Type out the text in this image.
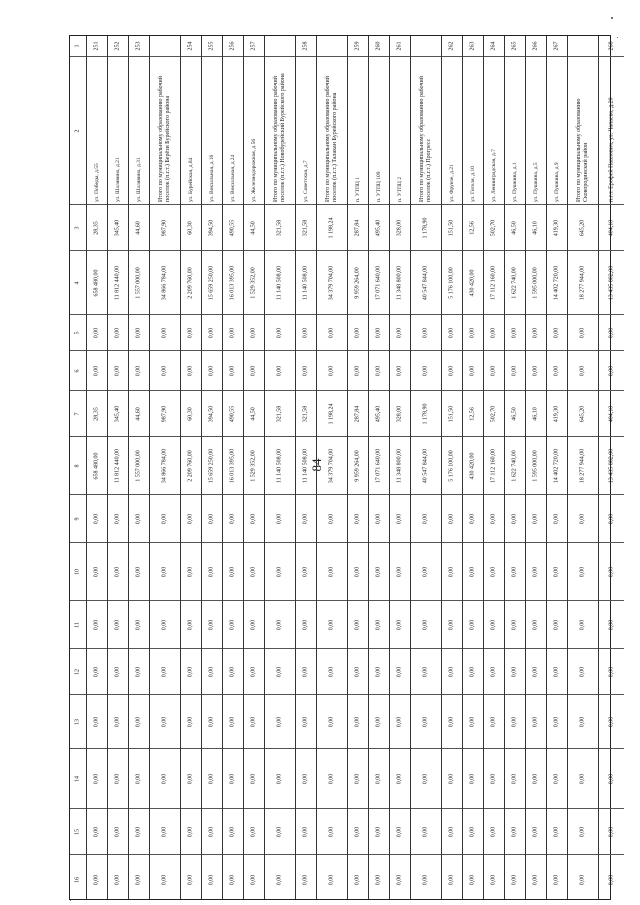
84
1
2
3
4
5
6
7
8
9
10
11
12
13
14
15
16
251
ул. Победы, д.55
28,35
658 480,00
0,00
0,00
28,35
658 480,00
0,00
0,00
0,00
0,00
0,00
0,00
0,00
0,00
252
ул. Шалявина, д.21
345,40
11 812 440,00
0,00
0,00
345,40
11 812 440,00
0,00
0,00
0,00
0,00
0,00
0,00
0,00
0,00
253
ул. Шалявина, д.31
44,60
1 557 000,00
0,00
0,00
44,60
1 557 000,00
0,00
0,00
0,00
0,00
0,00
0,00
0,00
0,00
Итого по муниципальному образованию рабочий поселок (п.г.т.) Берёзи Бурейского района
987,90
34 866 784,00
0,00
0,00
987,90
34 866 784,00
0,00
0,00
0,00
0,00
0,00
0,00
0,00
0,00
254
ул. Бурейская, д.84
60,30
2 209 760,00
0,00
0,00
60,30
2 209 760,00
0,00
0,00
0,00
0,00
0,00
0,00
0,00
0,00
255
ул. Вокзальная, д.16
394,50
15 659 250,00
0,00
0,00
394,50
15 659 250,00
0,00
0,00
0,00
0,00
0,00
0,00
0,00
0,00
256
ул. Вокзальная, д.24
490,55
16 013 395,00
0,00
0,00
490,55
16 013 395,00
0,00
0,00
0,00
0,00
0,00
0,00
0,00
0,00
257
ул. Железнодорожная, д.56
44,50
1 529 352,00
0,00
0,00
44,50
1 529 352,00
0,00
0,00
0,00
0,00
0,00
0,00
0,00
0,00
Итого по муниципальному образованию рабочий поселок (п.г.т.) Новобурейский Бурейского района
321,58
11 140 508,00
0,00
0,00
321,58
11 140 508,00
0,00
0,00
0,00
0,00
0,00
0,00
0,00
0,00
258
ул. Советская, д.7
321,58
11 140 508,00
0,00
0,00
321,58
11 140 508,00
0,00
0,00
0,00
0,00
0,00
0,00
0,00
0,00
Итого по муниципальному образованию рабочий поселок (п.г.т.) Талакан Бурейского района
1 198,24
34 379 704,00
0,00
0,00
1 198,24
34 379 704,00
0,00
0,00
0,00
0,00
0,00
0,00
0,00
0,00
259
п. УТПЦ 1
287,84
9 959 264,00
0,00
0,00
287,84
9 959 264,00
0,00
0,00
0,00
0,00
0,00
0,00
0,00
0,00
260
п. УТПЦ 109
495,40
17 071 640,00
0,00
0,00
495,40
17 071 640,00
0,00
0,00
0,00
0,00
0,00
0,00
0,00
0,00
261
п. УТПЦ 2
328,00
11 348 800,00
0,00
0,00
328,00
11 348 800,00
0,00
0,00
0,00
0,00
0,00
0,00
0,00
0,00
Итого по муниципальному образованию рабочий поселок (п.г.т.) Прогресс
1 178,90
40 547 844,00
0,00
0,00
1 178,90
40 547 844,00
0,00
0,00
0,00
0,00
0,00
0,00
0,00
0,00
262
ул. Фрунзе, д.21
151,50
5 176 100,00
0,00
0,00
151,50
5 176 100,00
0,00
0,00
0,00
0,00
0,00
0,00
0,00
0,00
263
ул. Гоголя, д.10
12,56
430 420,00
0,00
0,00
12,56
430 420,00
0,00
0,00
0,00
0,00
0,00
0,00
0,00
0,00
264
ул. Ленинградская, д.7
502,70
17 112 160,00
0,00
0,00
502,70
17 112 160,00
0,00
0,00
0,00
0,00
0,00
0,00
0,00
0,00
265
ул. Пушкина, д.1
46,50
1 622 740,00
0,00
0,00
46,50
1 622 740,00
0,00
0,00
0,00
0,00
0,00
0,00
0,00
0,00
266
ул. Пушкина, д.5
46,10
1 595 000,00
0,00
0,00
46,10
1 595 000,00
0,00
0,00
0,00
0,00
0,00
0,00
0,00
0,00
267
ул. Пушкина, д.9
419,30
14 402 720,00
0,00
0,00
419,30
14 402 720,00
0,00
0,00
0,00
0,00
0,00
0,00
0,00
0,00
Итого по муниципальному образованию Сковородинский район
645,20
18 277 944,00
0,00
0,00
645,20
18 277 944,00
0,00
0,00
0,00
0,00
0,00
0,00
0,00
0,00
268
п.г.т. Ерофей Павлович, ул. Чапаева, д.20
404,10
13 435 882,00
0,00
0,00
404,10
13 435 882,00
0,00
0,00
0,00
0,00
0,00
0,00
0,00
0,00
